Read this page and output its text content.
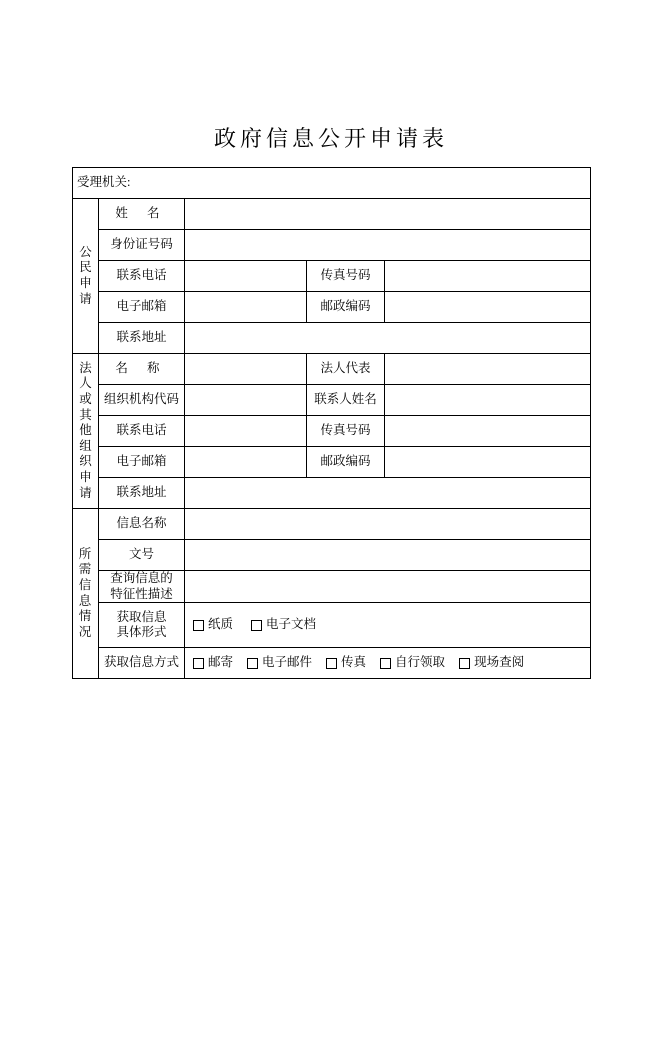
政府信息公开申请表
受理机关:				
公民申请	姓 名			
	身份证号码			
	联系电话		传真号码	
	电子邮箱		邮政编码	
	联系地址			
法人或其他组织申请	名 称		法人代表	
	组织机构代码		联系人姓名	
	联系电话		传真号码	
	电子邮箱		邮政编码	
	联系地址			
所需信息情况	信息名称			
	文号			
	查询信息的
特征性描述			
	获取信息
具体形式	纸质 电子文档		

	获取信息方式	邮寄 电子邮件 传真 自行领取 现场查阅		
